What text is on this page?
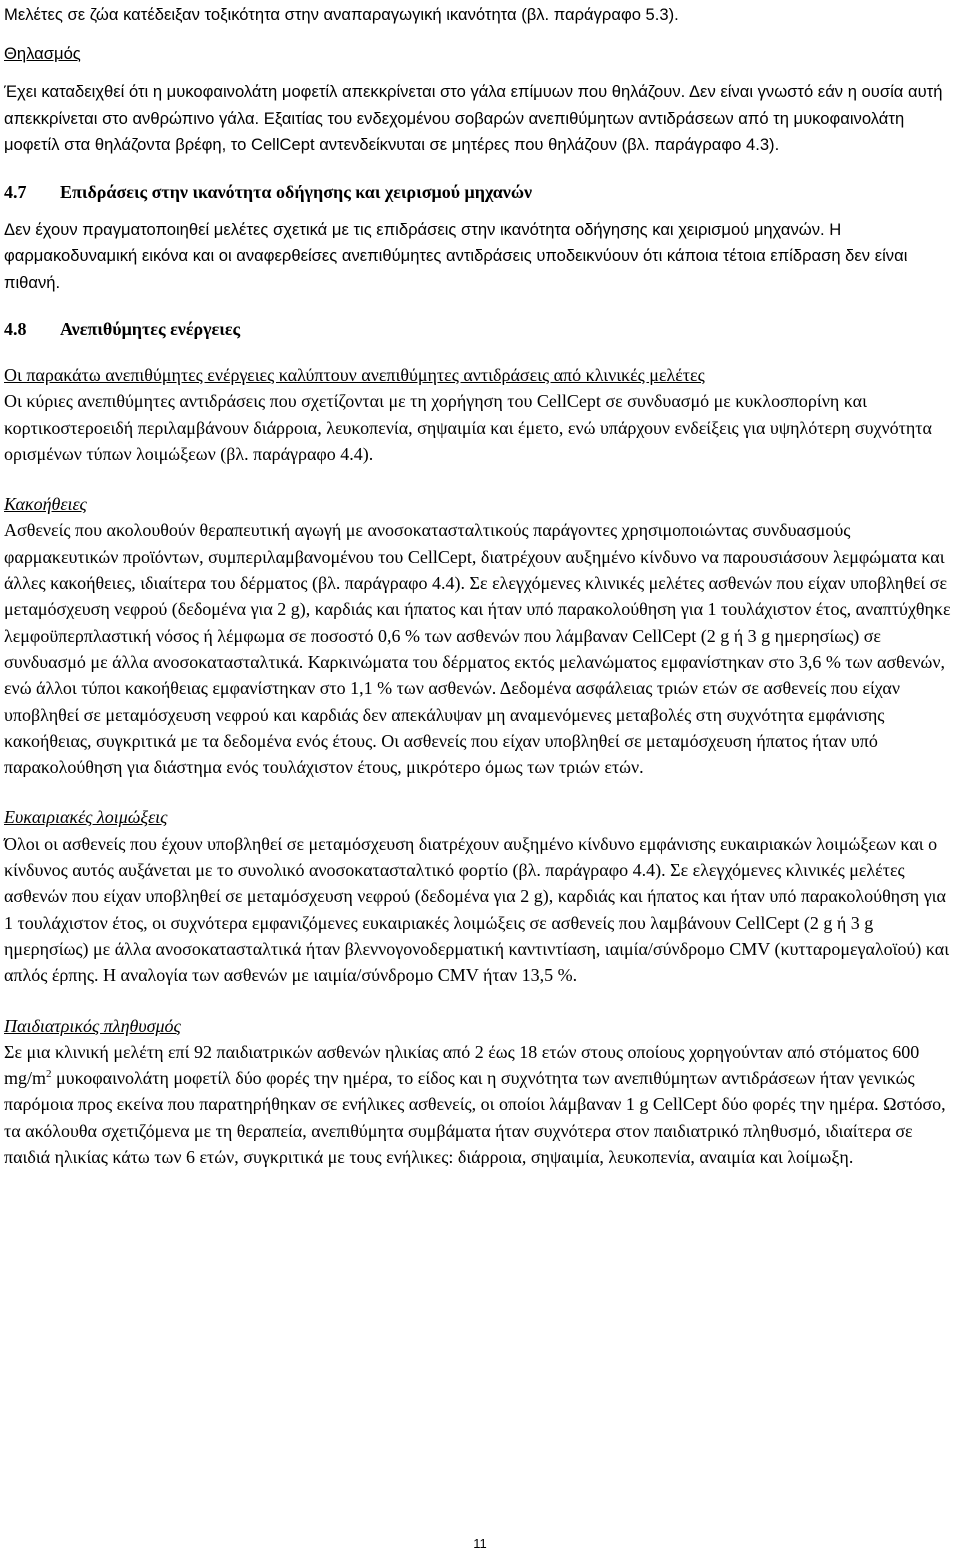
Μελέτες σε ζώα κατέδειξαν τοξικότητα στην αναπαραγωγική ικανότητα (βλ. παράγραφο 5.3).

Θηλασμός

Έχει καταδειχθεί ότι η μυκοφαινολάτη μοφετίλ απεκκρίνεται στο γάλα επίμυων που θηλάζουν. Δεν είναι γνωστό εάν η ουσία αυτή απεκκρίνεται στο ανθρώπινο γάλα. Εξαιτίας του ενδεχομένου σοβαρών ανεπιθύμητων αντιδράσεων από τη μυκοφαινολάτη μοφετίλ στα θηλάζοντα βρέφη, το CellCept αντενδείκνυται σε μητέρες που θηλάζουν (βλ. παράγραφο 4.3).

4.7 Επιδράσεις στην ικανότητα οδήγησης και χειρισμού μηχανών

Δεν έχουν πραγματοποιηθεί μελέτες σχετικά με τις επιδράσεις στην ικανότητα οδήγησης και χειρισμού μηχανών. Η φαρμακοδυναμική εικόνα και οι αναφερθείσες ανεπιθύμητες αντιδράσεις υποδεικνύουν ότι κάποια τέτοια επίδραση δεν είναι πιθανή.

4.8 Ανεπιθύμητες ενέργειες

Οι παρακάτω ανεπιθύμητες ενέργειες καλύπτουν ανεπιθύμητες αντιδράσεις από κλινικές μελέτες

Οι κύριες ανεπιθύμητες αντιδράσεις που σχετίζονται με τη χορήγηση του CellCept σε συνδυασμό με κυκλοσπορίνη και κορτικοστεροειδή περιλαμβάνουν διάρροια, λευκοπενία, σηψαιμία και έμετο, ενώ υπάρχουν ενδείξεις για υψηλότερη συχνότητα ορισμένων τύπων λοιμώξεων (βλ. παράγραφο 4.4).

Κακοήθειες

Ασθενείς που ακολουθούν θεραπευτική αγωγή με ανοσοκατασταλτικούς παράγοντες χρησιμοποιώντας συνδυασμούς φαρμακευτικών προϊόντων, συμπεριλαμβανομένου του CellCept, διατρέχουν αυξημένο κίνδυνο να παρουσιάσουν λεμφώματα και άλλες κακοήθειες, ιδιαίτερα του δέρματος (βλ. παράγραφο 4.4). Σε ελεγχόμενες κλινικές μελέτες ασθενών που είχαν υποβληθεί σε μεταμόσχευση νεφρού (δεδομένα για 2 g), καρδιάς και ήπατος και ήταν υπό παρακολούθηση για 1 τουλάχιστον έτος, αναπτύχθηκε λεμφοϋπερπλαστική νόσος ή λέμφωμα σε ποσοστό 0,6 % των ασθενών που λάμβαναν CellCept (2 g ή 3 g ημερησίως) σε συνδυασμό με άλλα ανοσοκατασταλτικά. Καρκινώματα του δέρματος εκτός μελανώματος εμφανίστηκαν στο 3,6 % των ασθενών, ενώ άλλοι τύποι κακοήθειας εμφανίστηκαν στο 1,1 % των ασθενών. Δεδομένα ασφάλειας τριών ετών σε ασθενείς που είχαν υποβληθεί σε μεταμόσχευση νεφρού και καρδιάς δεν απεκάλυψαν μη αναμενόμενες μεταβολές στη συχνότητα εμφάνισης κακοήθειας, συγκριτικά με τα δεδομένα ενός έτους. Οι ασθενείς που είχαν υποβληθεί σε μεταμόσχευση ήπατος ήταν υπό παρακολούθηση για διάστημα ενός τουλάχιστον έτους, μικρότερο όμως των τριών ετών.

Ευκαιριακές λοιμώξεις

Όλοι οι ασθενείς που έχουν υποβληθεί σε μεταμόσχευση διατρέχουν αυξημένο κίνδυνο εμφάνισης ευκαιριακών λοιμώξεων και ο κίνδυνος αυτός αυξάνεται με το συνολικό ανοσοκατασταλτικό φορτίο (βλ. παράγραφο 4.4). Σε ελεγχόμενες κλινικές μελέτες ασθενών που είχαν υποβληθεί σε μεταμόσχευση νεφρού (δεδομένα για 2 g), καρδιάς και ήπατος και ήταν υπό παρακολούθηση για 1 τουλάχιστον έτος, οι συχνότερα εμφανιζόμενες ευκαιριακές λοιμώξεις σε ασθενείς που λαμβάνουν CellCept (2 g ή 3 g ημερησίως) με άλλα ανοσοκατασταλτικά ήταν βλεννογονοδερματική καντιντίαση, ιαιμία/σύνδρομο CMV (κυτταρομεγαλοϊού) και απλός έρπης. Η αναλογία των ασθενών με ιαιμία/σύνδρομο CMV ήταν 13,5 %.

Παιδιατρικός πληθυσμός

Σε μια κλινική μελέτη επί 92 παιδιατρικών ασθενών ηλικίας από 2 έως 18 ετών στους οποίους χορηγούνταν από στόματος 600 $mg/m^2$ μυκοφαινολάτη μοφετίλ δύο φορές την ημέρα, το είδος και η συχνότητα των ανεπιθύμητων αντιδράσεων ήταν γενικώς παρόμοια προς εκείνα που παρατηρήθηκαν σε ενήλικες ασθενείς, οι οποίοι λάμβαναν 1 g CellCept δύο φορές την ημέρα. Ωστόσο, τα ακόλουθα σχετιζόμενα με τη θεραπεία, ανεπιθύμητα συμβάματα ήταν συχνότερα στον παιδιατρικό πληθυσμό, ιδιαίτερα σε παιδιά ηλικίας κάτω των 6 ετών, συγκριτικά με τους ενήλικες: διάρροια, σηψαιμία, λευκοπενία, αναιμία και λοίμωξη.

11
